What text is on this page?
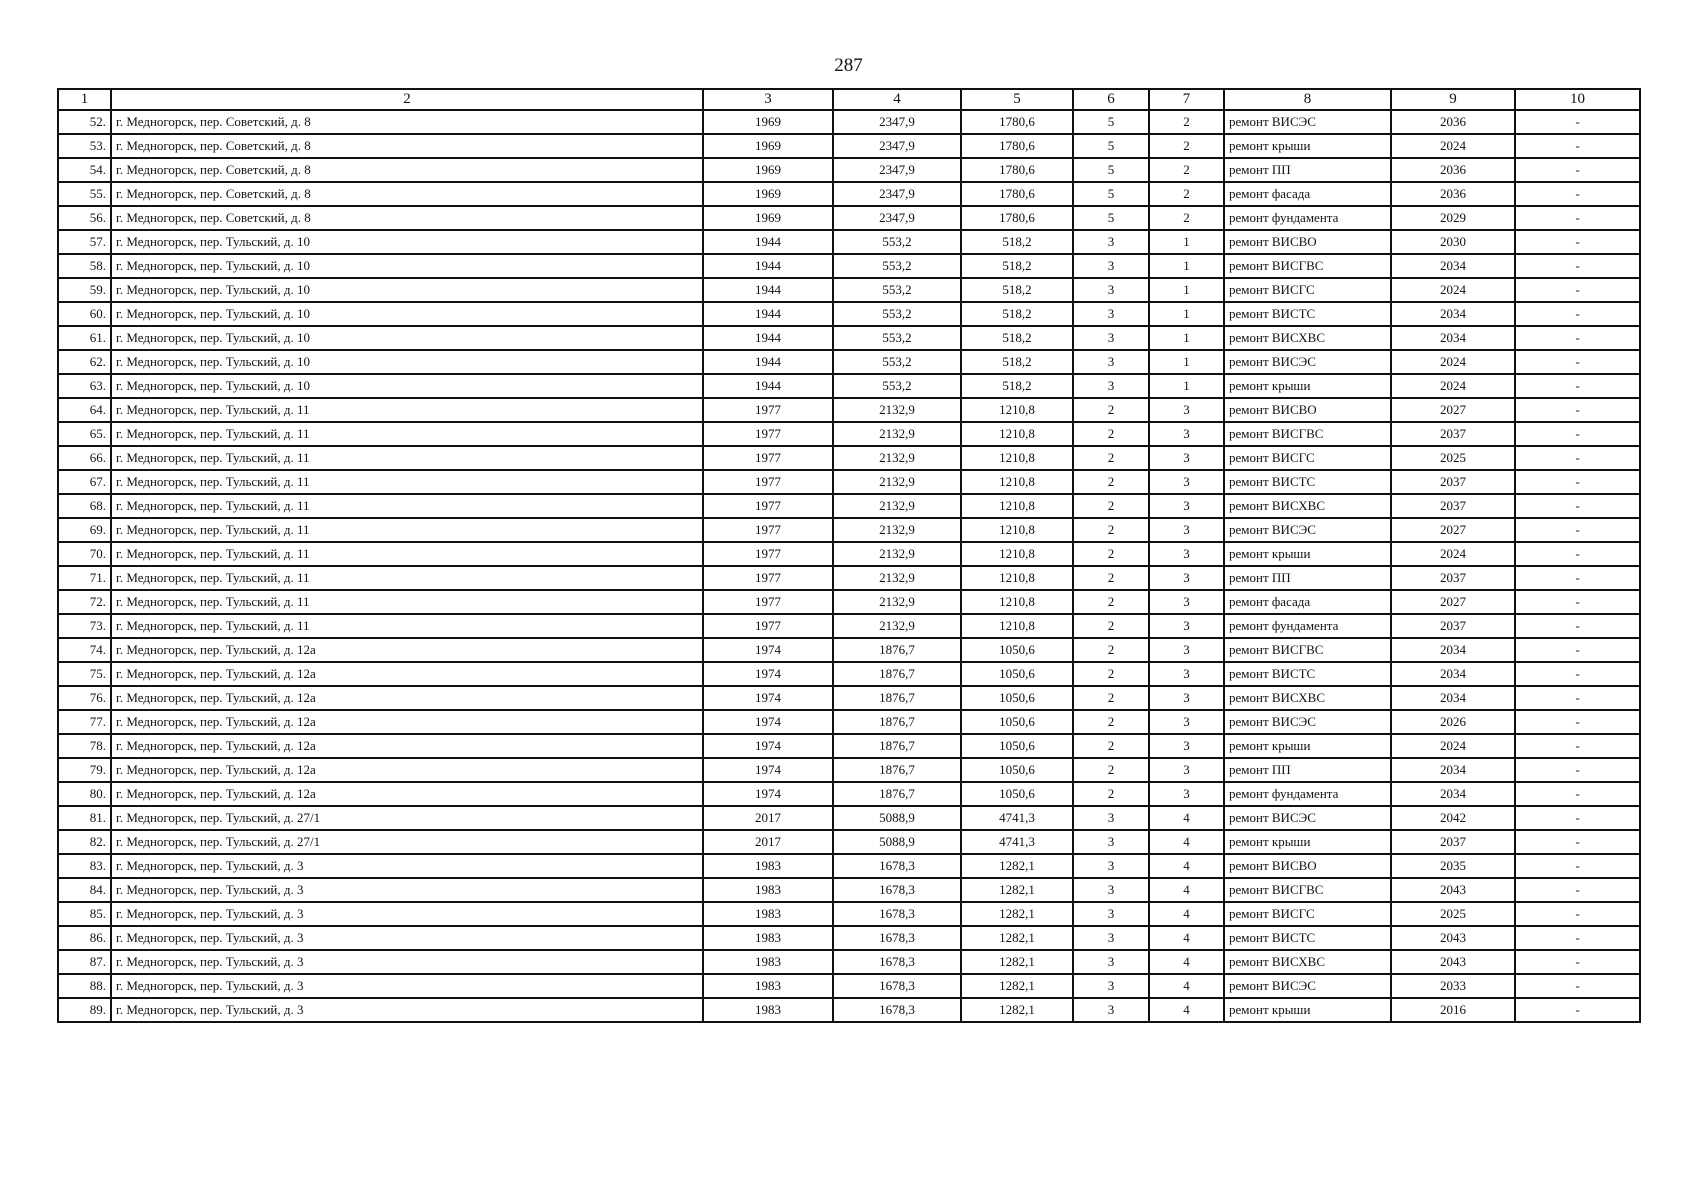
287
1	2	3	4	5	6	7	8	9	10
52.	г. Медногорск, пер. Советский, д. 8	1969	2347,9	1780,6	5	2	ремонт ВИСЭС	2036	-
53.	г. Медногорск, пер. Советский, д. 8	1969	2347,9	1780,6	5	2	ремонт крыши	2024	-
54.	г. Медногорск, пер. Советский, д. 8	1969	2347,9	1780,6	5	2	ремонт ПП	2036	-
55.	г. Медногорск, пер. Советский, д. 8	1969	2347,9	1780,6	5	2	ремонт фасада	2036	-
56.	г. Медногорск, пер. Советский, д. 8	1969	2347,9	1780,6	5	2	ремонт фундамента	2029	-
57.	г. Медногорск, пер. Тульский, д. 10	1944	553,2	518,2	3	1	ремонт ВИСВО	2030	-
58.	г. Медногорск, пер. Тульский, д. 10	1944	553,2	518,2	3	1	ремонт ВИСГВС	2034	-
59.	г. Медногорск, пер. Тульский, д. 10	1944	553,2	518,2	3	1	ремонт ВИСГС	2024	-
60.	г. Медногорск, пер. Тульский, д. 10	1944	553,2	518,2	3	1	ремонт ВИСТС	2034	-
61.	г. Медногорск, пер. Тульский, д. 10	1944	553,2	518,2	3	1	ремонт ВИСХВС	2034	-
62.	г. Медногорск, пер. Тульский, д. 10	1944	553,2	518,2	3	1	ремонт ВИСЭС	2024	-
63.	г. Медногорск, пер. Тульский, д. 10	1944	553,2	518,2	3	1	ремонт крыши	2024	-
64.	г. Медногорск, пер. Тульский, д. 11	1977	2132,9	1210,8	2	3	ремонт ВИСВО	2027	-
65.	г. Медногорск, пер. Тульский, д. 11	1977	2132,9	1210,8	2	3	ремонт ВИСГВС	2037	-
66.	г. Медногорск, пер. Тульский, д. 11	1977	2132,9	1210,8	2	3	ремонт ВИСГС	2025	-
67.	г. Медногорск, пер. Тульский, д. 11	1977	2132,9	1210,8	2	3	ремонт ВИСТС	2037	-
68.	г. Медногорск, пер. Тульский, д. 11	1977	2132,9	1210,8	2	3	ремонт ВИСХВС	2037	-
69.	г. Медногорск, пер. Тульский, д. 11	1977	2132,9	1210,8	2	3	ремонт ВИСЭС	2027	-
70.	г. Медногорск, пер. Тульский, д. 11	1977	2132,9	1210,8	2	3	ремонт крыши	2024	-
71.	г. Медногорск, пер. Тульский, д. 11	1977	2132,9	1210,8	2	3	ремонт ПП	2037	-
72.	г. Медногорск, пер. Тульский, д. 11	1977	2132,9	1210,8	2	3	ремонт фасада	2027	-
73.	г. Медногорск, пер. Тульский, д. 11	1977	2132,9	1210,8	2	3	ремонт фундамента	2037	-
74.	г. Медногорск, пер. Тульский, д. 12а	1974	1876,7	1050,6	2	3	ремонт ВИСГВС	2034	-
75.	г. Медногорск, пер. Тульский, д. 12а	1974	1876,7	1050,6	2	3	ремонт ВИСТС	2034	-
76.	г. Медногорск, пер. Тульский, д. 12а	1974	1876,7	1050,6	2	3	ремонт ВИСХВС	2034	-
77.	г. Медногорск, пер. Тульский, д. 12а	1974	1876,7	1050,6	2	3	ремонт ВИСЭС	2026	-
78.	г. Медногорск, пер. Тульский, д. 12а	1974	1876,7	1050,6	2	3	ремонт крыши	2024	-
79.	г. Медногорск, пер. Тульский, д. 12а	1974	1876,7	1050,6	2	3	ремонт ПП	2034	-
80.	г. Медногорск, пер. Тульский, д. 12а	1974	1876,7	1050,6	2	3	ремонт фундамента	2034	-
81.	г. Медногорск, пер. Тульский, д. 27/1	2017	5088,9	4741,3	3	4	ремонт ВИСЭС	2042	-
82.	г. Медногорск, пер. Тульский, д. 27/1	2017	5088,9	4741,3	3	4	ремонт крыши	2037	-
83.	г. Медногорск, пер. Тульский, д. 3	1983	1678,3	1282,1	3	4	ремонт ВИСВО	2035	-
84.	г. Медногорск, пер. Тульский, д. 3	1983	1678,3	1282,1	3	4	ремонт ВИСГВС	2043	-
85.	г. Медногорск, пер. Тульский, д. 3	1983	1678,3	1282,1	3	4	ремонт ВИСГС	2025	-
86.	г. Медногорск, пер. Тульский, д. 3	1983	1678,3	1282,1	3	4	ремонт ВИСТС	2043	-
87.	г. Медногорск, пер. Тульский, д. 3	1983	1678,3	1282,1	3	4	ремонт ВИСХВС	2043	-
88.	г. Медногорск, пер. Тульский, д. 3	1983	1678,3	1282,1	3	4	ремонт ВИСЭС	2033	-
89.	г. Медногорск, пер. Тульский, д. 3	1983	1678,3	1282,1	3	4	ремонт крыши	2016	-
